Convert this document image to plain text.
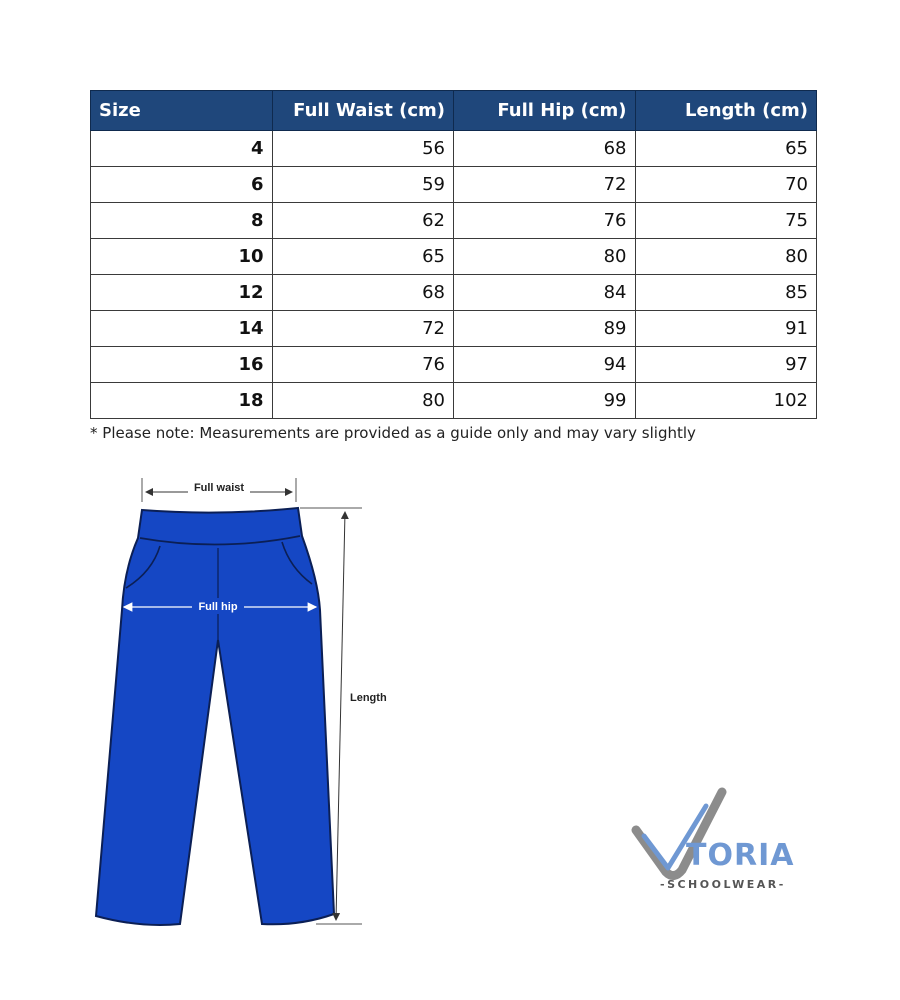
Size	Full Waist (cm)	Full Hip (cm)	Length (cm)
4	56	68	65
6	59	72	70
8	62	76	75
10	65	80	80
12	68	84	85
14	72	89	91
16	76	94	97
18	80	99	102
* Please note: Measurements are provided as a guide only and may vary slightly
Full waist
Full hip
Length
TORIA
-SCHOOLWEAR-
